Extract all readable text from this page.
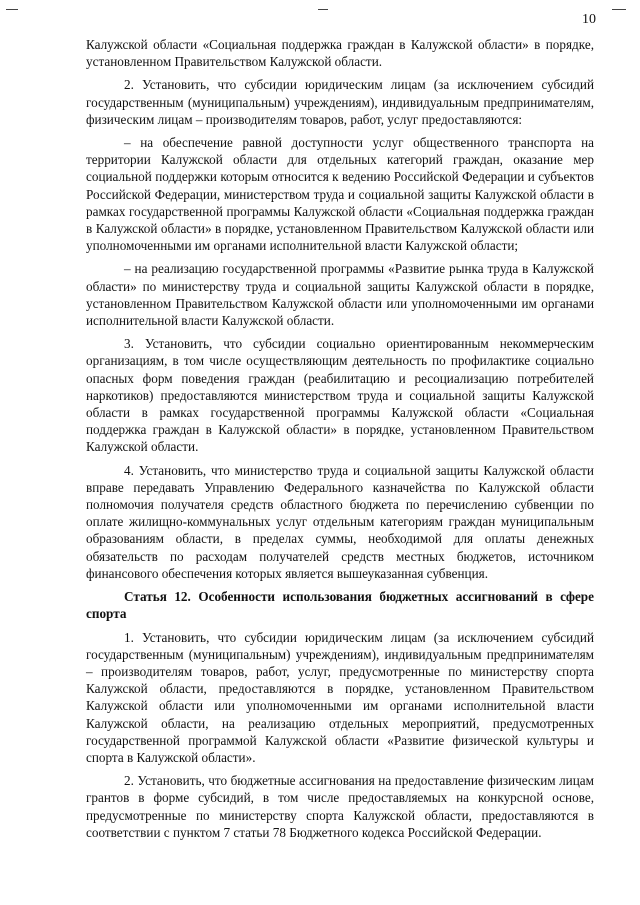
10

Калужской области «Социальная поддержка граждан в Калужской области» в порядке, установленном Правительством Калужской области.

2. Установить, что субсидии юридическим лицам (за исключением субсидий государственным (муниципальным) учреждениям), индивидуальным предпринимателям, физическим лицам – производителям товаров, работ, услуг предоставляются:

– на обеспечение равной доступности услуг общественного транспорта на территории Калужской области для отдельных категорий граждан, оказание мер социальной поддержки которым относится к ведению Российской Федерации и субъектов Российской Федерации, министерством труда и социальной защиты Калужской области в рамках государственной программы Калужской области «Социальная поддержка граждан в Калужской области» в порядке, установленном Правительством Калужской области или уполномоченными им органами исполнительной власти Калужской области;

– на реализацию государственной программы «Развитие рынка труда в Калужской области» по министерству труда и социальной защиты Калужской области в порядке, установленном Правительством Калужской области или уполномоченными им органами исполнительной власти Калужской области.

3. Установить, что субсидии социально ориентированным некоммерческим организациям, в том числе осуществляющим деятельность по профилактике социально опасных форм поведения граждан (реабилитацию и ресоциализацию потребителей наркотиков) предоставляются министерством труда и социальной защиты Калужской области в рамках государственной программы Калужской области «Социальная поддержка граждан в Калужской области» в порядке, установленном Правительством Калужской области.

4. Установить, что министерство труда и социальной защиты Калужской области вправе передавать Управлению Федерального казначейства по Калужской области полномочия получателя средств областного бюджета по перечислению субвенции по оплате жилищно-коммунальных услуг отдельным категориям граждан муниципальным образованиям области, в пределах суммы, необходимой для оплаты денежных обязательств по расходам получателей средств местных бюджетов, источником финансового обеспечения которых является вышеуказанная субвенция.

Статья 12. Особенности использования бюджетных ассигнований в сфере спорта

1. Установить, что субсидии юридическим лицам (за исключением субсидий государственным (муниципальным) учреждениям), индивидуальным предпринимателям – производителям товаров, работ, услуг, предусмотренные по министерству спорта Калужской области, предоставляются в порядке, установленном Правительством Калужской области или уполномоченными им органами исполнительной власти Калужской области, на реализацию отдельных мероприятий, предусмотренных государственной программой Калужской области «Развитие физической культуры и спорта в Калужской области».

2. Установить, что бюджетные ассигнования на предоставление физическим лицам грантов в форме субсидий, в том числе предоставляемых на конкурсной основе, предусмотренные по министерству спорта Калужской области, предоставляются в соответствии с пунктом 7 статьи 78 Бюджетного кодекса Российской Федерации.
